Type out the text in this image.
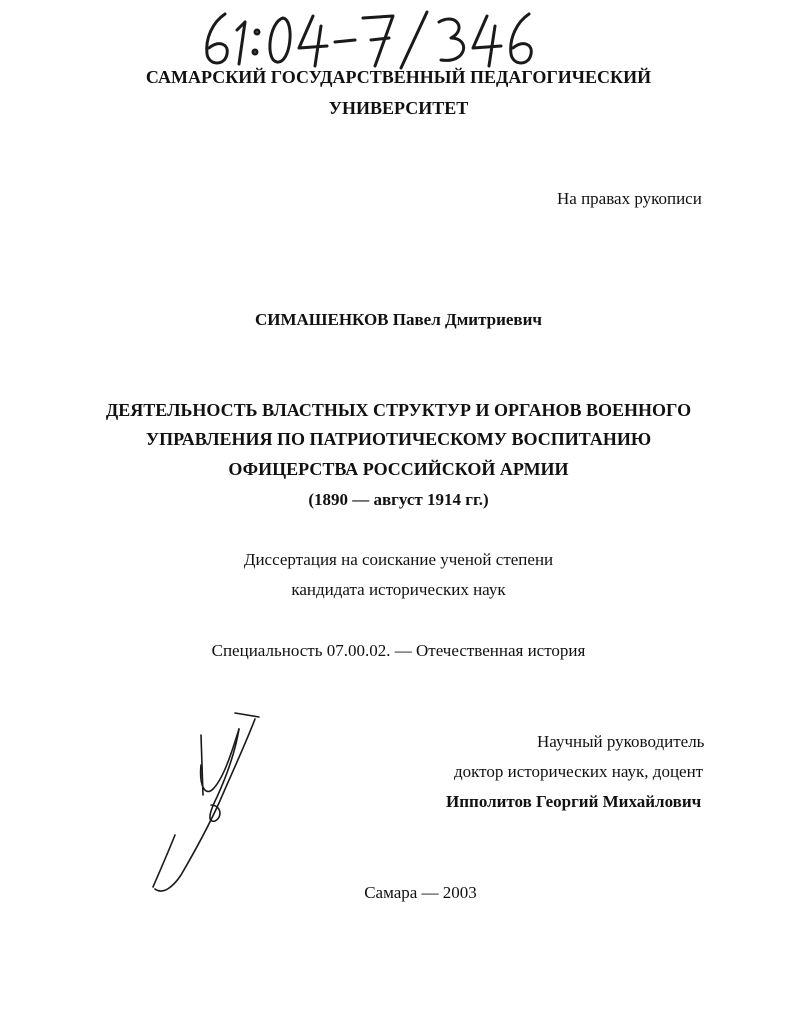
САМАРСКИЙ ГОСУДАРСТВЕННЫЙ ПЕДАГОГИЧЕСКИЙ
УНИВЕРСИТЕТ
На правах рукописи
СИМАШЕНКОВ Павел Дмитриевич
ДЕЯТЕЛЬНОСТЬ ВЛАСТНЫХ СТРУКТУР И ОРГАНОВ ВОЕННОГО
УПРАВЛЕНИЯ ПО ПАТРИОТИЧЕСКОМУ ВОСПИТАНИЮ
ОФИЦЕРСТВА РОССИЙСКОЙ АРМИИ
(1890 — август 1914 гг.)
Диссертация на соискание ученой степени
кандидата исторических наук
Специальность 07.00.02. — Отечественная история
Научный руководитель
доктор исторических наук, доцент
Ипполитов Георгий Михайлович
Самара — 2003
